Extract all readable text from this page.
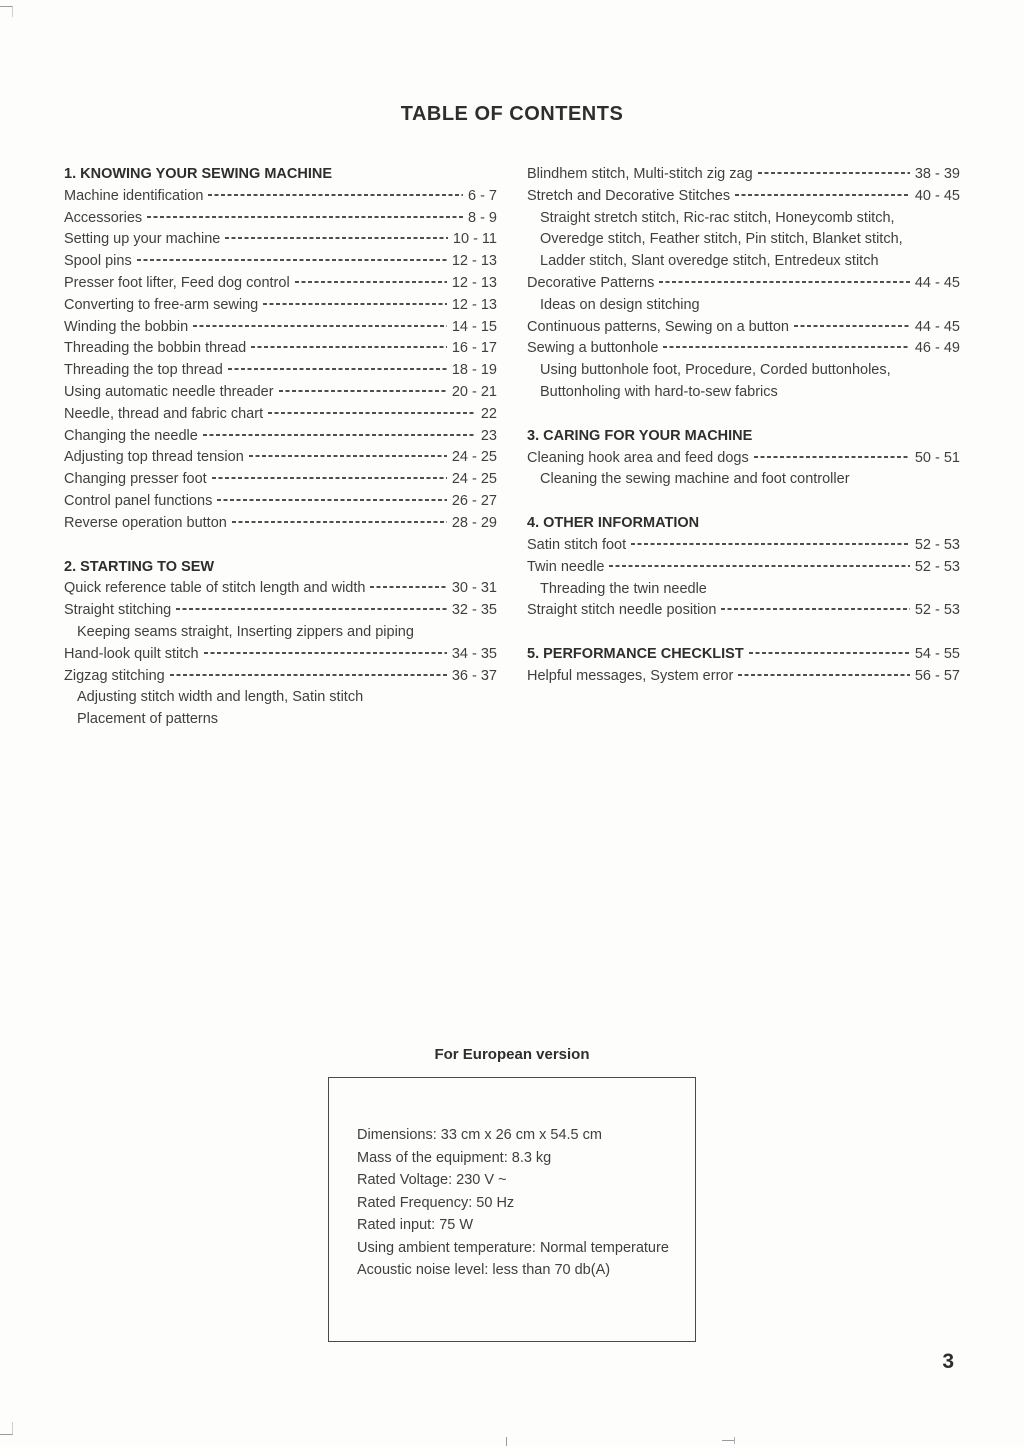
TABLE OF CONTENTS
1. KNOWING YOUR SEWING MACHINE
Machine identification	6 - 7
Accessories	8 - 9
Setting up your machine	10 - 11
Spool pins	12 - 13
Presser foot lifter, Feed dog control	12 - 13
Converting to free-arm sewing	12 - 13
Winding the bobbin	14 - 15
Threading the bobbin thread	16 - 17
Threading the top thread	18 - 19
Using automatic needle threader	20 - 21
Needle, thread and fabric chart	22
Changing the needle	23
Adjusting top thread tension	24 - 25
Changing presser foot	24 - 25
Control panel functions	26 - 27
Reverse operation button	28 - 29
2. STARTING TO SEW
Quick reference table of stitch length and width	30 - 31
Straight stitching	32 - 35
Keeping seams straight, Inserting zippers and piping
Hand-look quilt stitch	34 - 35
Zigzag stitching	36 - 37
Adjusting stitch width and length, Satin stitch
Placement of patterns
Blindhem stitch, Multi-stitch zig zag	38 - 39
Stretch and Decorative Stitches	40 - 45
Straight stretch stitch, Ric-rac stitch, Honeycomb stitch,
Overedge stitch, Feather stitch, Pin stitch, Blanket stitch,
Ladder stitch, Slant overedge stitch, Entredeux stitch
Decorative Patterns	44 - 45
Ideas on design stitching
Continuous patterns, Sewing on a button	44 - 45
Sewing a buttonhole	46 - 49
Using buttonhole foot, Procedure, Corded buttonholes,
Buttonholing with hard-to-sew fabrics
3. CARING FOR YOUR MACHINE
Cleaning hook area and feed dogs	50 - 51
Cleaning the sewing machine and foot controller
4. OTHER INFORMATION
Satin stitch foot	52 - 53
Twin needle	52 - 53
Threading the twin needle
Straight stitch needle position	52 - 53
5. PERFORMANCE CHECKLIST	54 - 55
Helpful messages, System error	56 - 57
For European version
Dimensions: 33 cm x 26 cm x 54.5 cm
Mass of the equipment: 8.3 kg
Rated Voltage: 230 V ~
Rated Frequency: 50 Hz
Rated input: 75 W
Using ambient temperature: Normal temperature
Acoustic noise level: less than 70 db(A)
3
